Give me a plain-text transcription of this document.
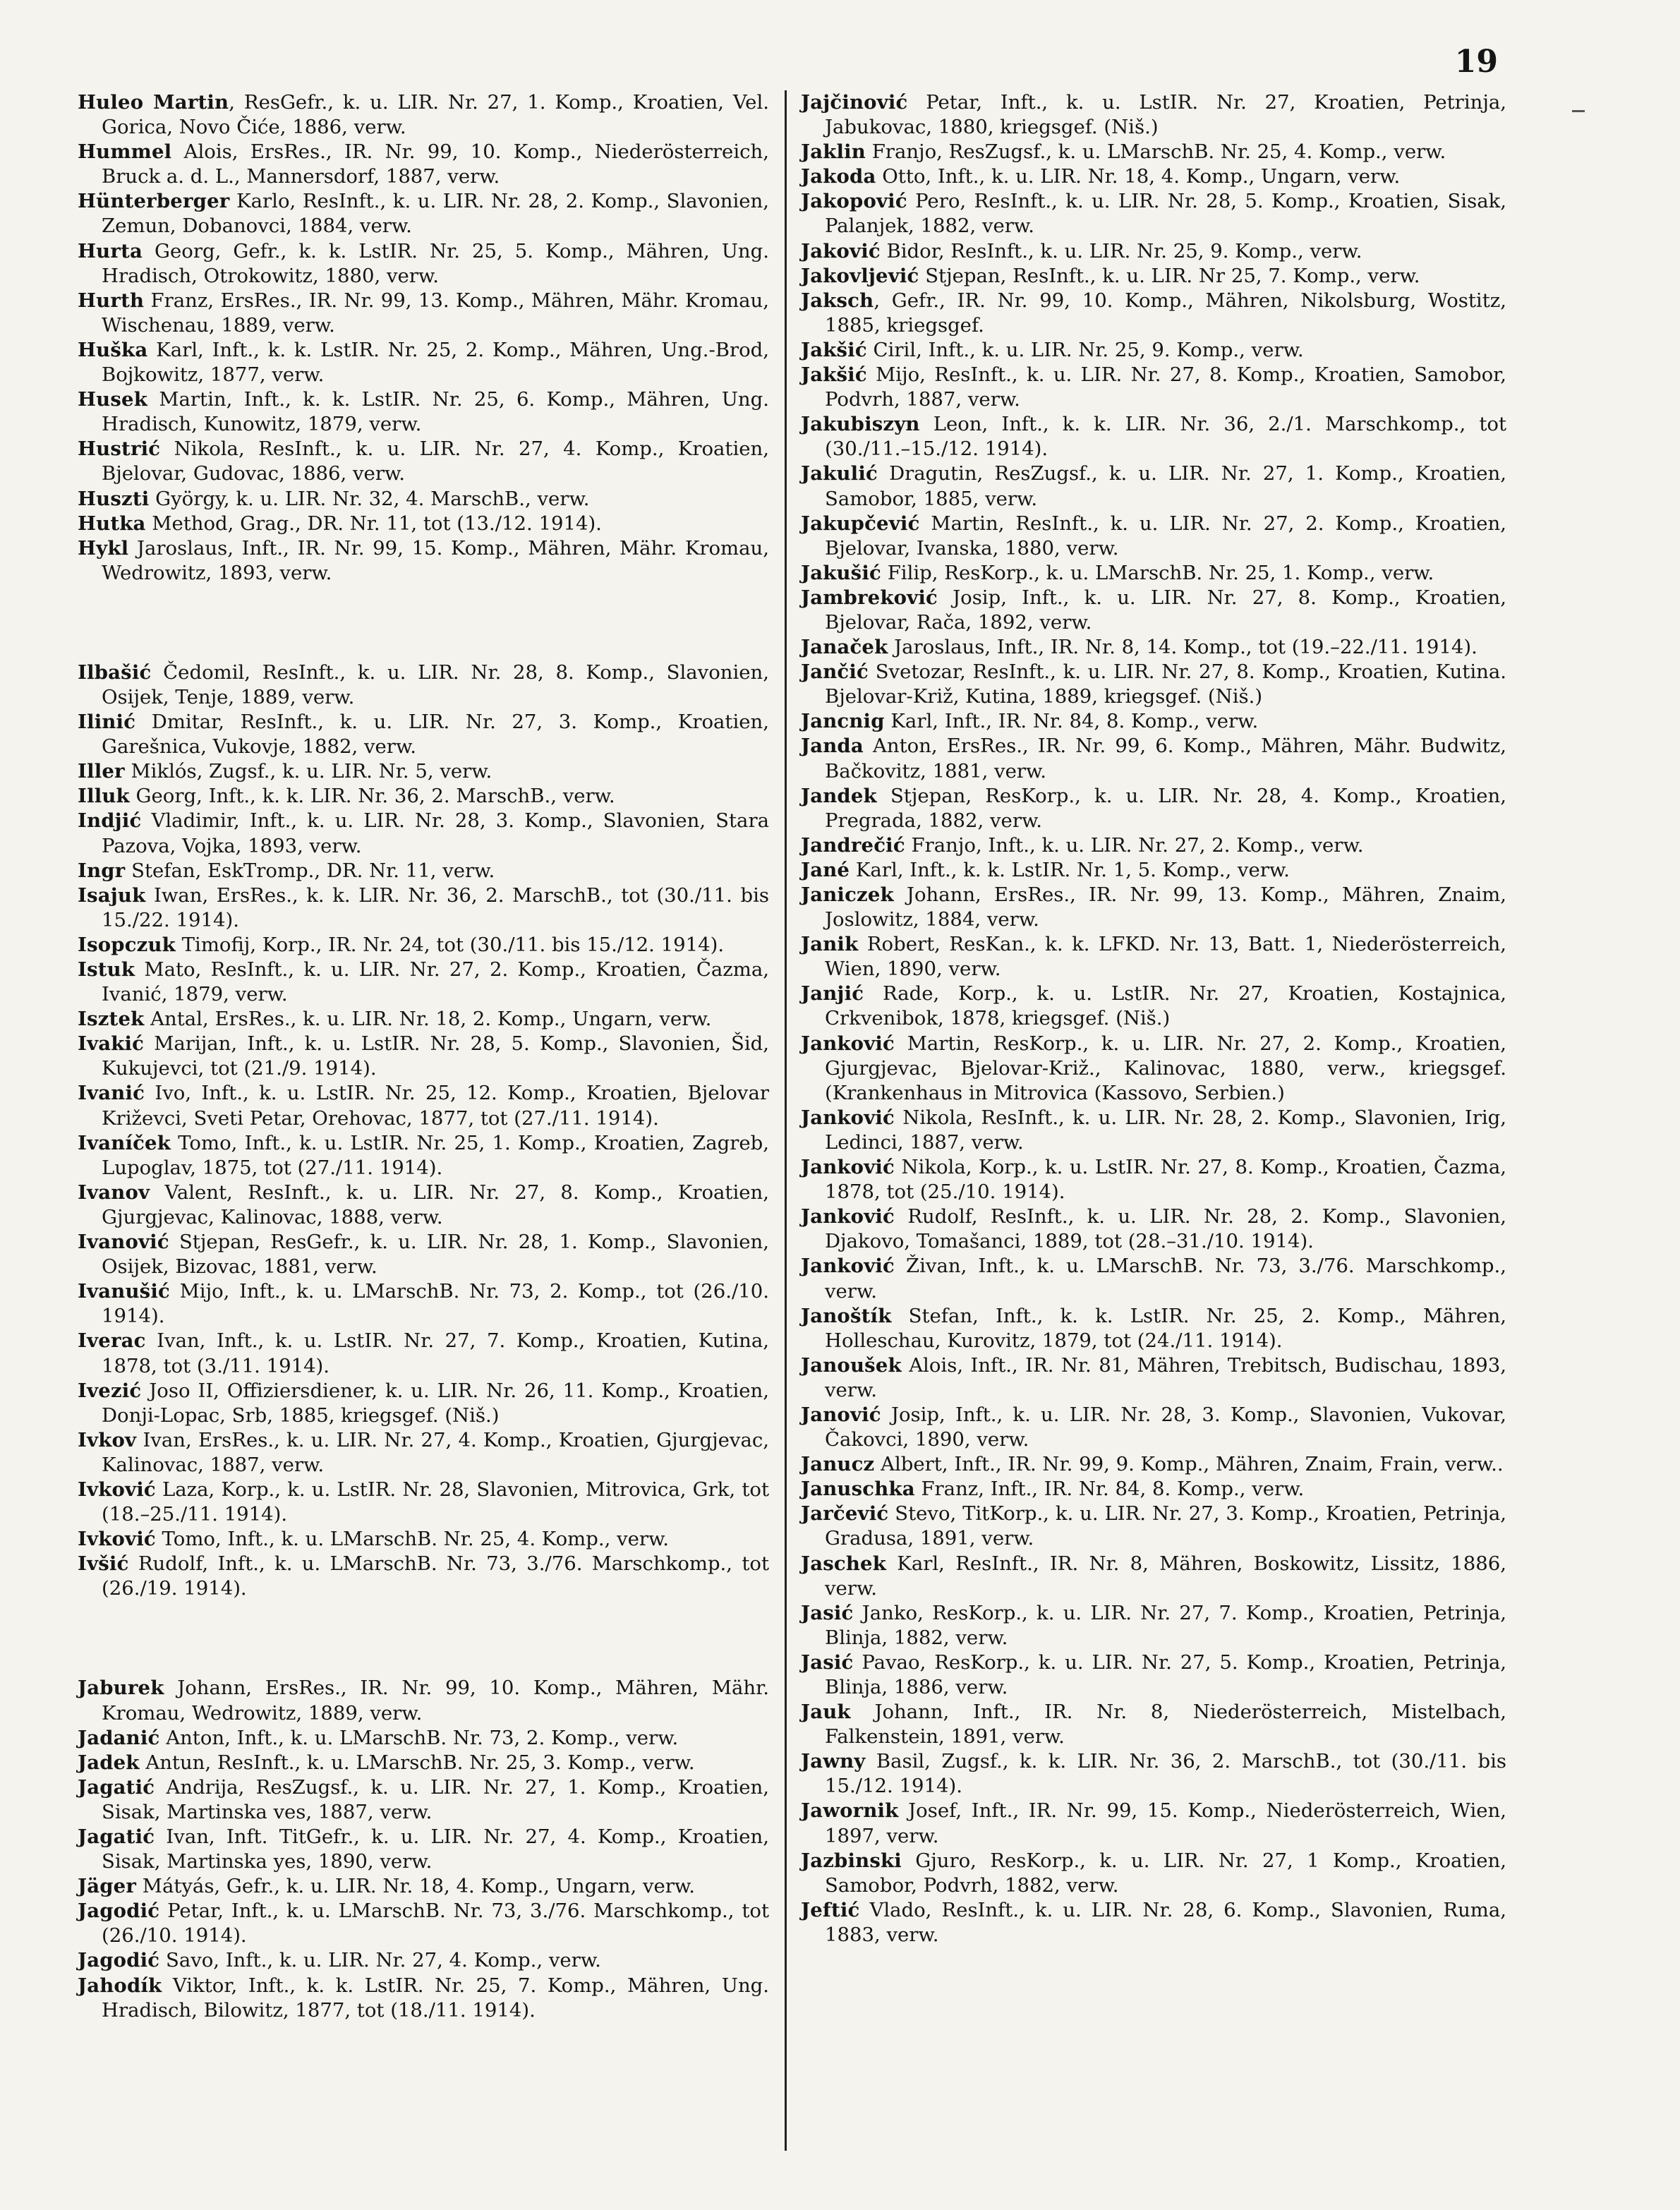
19

Huleo Martin, ResGefr., k. u. LIR. Nr. 27, 1. Komp., Kroatien, Vel. Gorica, Novo Čiće, 1886, verw.

Hummel Alois, ErsRes., IR. Nr. 99, 10. Komp., Niederösterreich, Bruck a. d. L., Mannersdorf, 1887, verw.

Hünterberger Karlo, ResInft., k. u. LIR. Nr. 28, 2. Komp., Slavonien, Zemun, Dobanovci, 1884, verw.

Hurta Georg, Gefr., k. k. LstIR. Nr. 25, 5. Komp., Mähren, Ung. Hradisch, Otrokowitz, 1880, verw.

Hurth Franz, ErsRes., IR. Nr. 99, 13. Komp., Mähren, Mähr. Kromau, Wischenau, 1889, verw.

Huška Karl, Inft., k. k. LstIR. Nr. 25, 2. Komp., Mähren, Ung.-Brod, Bojkowitz, 1877, verw.

Husek Martin, Inft., k. k. LstIR. Nr. 25, 6. Komp., Mähren, Ung. Hradisch, Kunowitz, 1879, verw.

Hustrić Nikola, ResInft., k. u. LIR. Nr. 27, 4. Komp., Kroatien, Bjelovar, Gudovac, 1886, verw.

Huszti György, k. u. LIR. Nr. 32, 4. MarschB., verw.

Hutka Method, Grag., DR. Nr. 11, tot (13./12. 1914).

Hykl Jaroslaus, Inft., IR. Nr. 99, 15. Komp., Mähren, Mähr. Kromau, Wedrowitz, 1893, verw.

Ilbašić Čedomil, ResInft., k. u. LIR. Nr. 28, 8. Komp., Slavonien, Osijek, Tenje, 1889, verw.

Ilinić Dmitar, ResInft., k. u. LIR. Nr. 27, 3. Komp., Kroatien, Garešnica, Vukovje, 1882, verw.

Iller Miklós, Zugsf., k. u. LIR. Nr. 5, verw.

Illuk Georg, Inft., k. k. LIR. Nr. 36, 2. MarschB., verw.

Indjić Vladimir, Inft., k. u. LIR. Nr. 28, 3. Komp., Slavonien, Stara Pazova, Vojka, 1893, verw.

Ingr Stefan, EskTromp., DR. Nr. 11, verw.

Isajuk Iwan, ErsRes., k. k. LIR. Nr. 36, 2. MarschB., tot (30./11. bis 15./22. 1914).

Isopczuk Timofij, Korp., IR. Nr. 24, tot (30./11. bis 15./12. 1914).

Istuk Mato, ResInft., k. u. LIR. Nr. 27, 2. Komp., Kroatien, Čazma, Ivanić, 1879, verw.

Isztek Antal, ErsRes., k. u. LIR. Nr. 18, 2. Komp., Ungarn, verw.

Ivakić Marijan, Inft., k. u. LstIR. Nr. 28, 5. Komp., Slavonien, Šid, Kukujevci, tot (21./9. 1914).

Ivanić Ivo, Inft., k. u. LstIR. Nr. 25, 12. Komp., Kroatien, Bjelovar Križevci, Sveti Petar, Orehovac, 1877, tot (27./11. 1914).

Ivaníček Tomo, Inft., k. u. LstIR. Nr. 25, 1. Komp., Kroatien, Zagreb, Lupoglav, 1875, tot (27./11. 1914).

Ivanov Valent, ResInft., k. u. LIR. Nr. 27, 8. Komp., Kroatien, Gjurgjevac, Kalinovac, 1888, verw.

Ivanović Stjepan, ResGefr., k. u. LIR. Nr. 28, 1. Komp., Slavonien, Osijek, Bizovac, 1881, verw.

Ivanušić Mijo, Inft., k. u. LMarschB. Nr. 73, 2. Komp., tot (26./10. 1914).

Iverac Ivan, Inft., k. u. LstIR. Nr. 27, 7. Komp., Kroatien, Kutina, 1878, tot (3./11. 1914).

Ivezić Joso II, Offiziersdiener, k. u. LIR. Nr. 26, 11. Komp., Kroatien, Donji-Lopac, Srb, 1885, kriegsgef. (Niš.)

Ivkov Ivan, ErsRes., k. u. LIR. Nr. 27, 4. Komp., Kroatien, Gjurgjevac, Kalinovac, 1887, verw.

Ivković Laza, Korp., k. u. LstIR. Nr. 28, Slavonien, Mitrovica, Grk, tot (18.–25./11. 1914).

Ivković Tomo, Inft., k. u. LMarschB. Nr. 25, 4. Komp., verw.

Ivšić Rudolf, Inft., k. u. LMarschB. Nr. 73, 3./76. Marschkomp., tot (26./19. 1914).

Jaburek Johann, ErsRes., IR. Nr. 99, 10. Komp., Mähren, Mähr. Kromau, Wedrowitz, 1889, verw.

Jadanić Anton, Inft., k. u. LMarschB. Nr. 73, 2. Komp., verw.

Jadek Antun, ResInft., k. u. LMarschB. Nr. 25, 3. Komp., verw.

Jagatić Andrija, ResZugsf., k. u. LIR. Nr. 27, 1. Komp., Kroatien, Sisak, Martinska ves, 1887, verw.

Jagatić Ivan, Inft. TitGefr., k. u. LIR. Nr. 27, 4. Komp., Kroatien, Sisak, Martinska yes, 1890, verw.

Jäger Mátyás, Gefr., k. u. LIR. Nr. 18, 4. Komp., Ungarn, verw.

Jagodić Petar, Inft., k. u. LMarschB. Nr. 73, 3./76. Marschkomp., tot (26./10. 1914).

Jagodić Savo, Inft., k. u. LIR. Nr. 27, 4. Komp., verw.

Jahodík Viktor, Inft., k. k. LstIR. Nr. 25, 7. Komp., Mähren, Ung. Hradisch, Bilowitz, 1877, tot (18./11. 1914).

Jajčinović Petar, Inft., k. u. LstIR. Nr. 27, Kroatien, Petrinja, Jabukovac, 1880, kriegsgef. (Niš.)

Jaklin Franjo, ResZugsf., k. u. LMarschB. Nr. 25, 4. Komp., verw.

Jakoda Otto, Inft., k. u. LIR. Nr. 18, 4. Komp., Ungarn, verw.

Jakopović Pero, ResInft., k. u. LIR. Nr. 28, 5. Komp., Kroatien, Sisak, Palanjek, 1882, verw.

Jaković Bidor, ResInft., k. u. LIR. Nr. 25, 9. Komp., verw.

Jakovljević Stjepan, ResInft., k. u. LIR. Nr 25, 7. Komp., verw.

Jaksch, Gefr., IR. Nr. 99, 10. Komp., Mähren, Nikolsburg, Wostitz, 1885, kriegsgef.

Jakšić Ciril, Inft., k. u. LIR. Nr. 25, 9. Komp., verw.

Jakšić Mijo, ResInft., k. u. LIR. Nr. 27, 8. Komp., Kroatien, Samobor, Podvrh, 1887, verw.

Jakubiszyn Leon, Inft., k. k. LIR. Nr. 36, 2./1. Marschkomp., tot (30./11.–15./12. 1914).

Jakulić Dragutin, ResZugsf., k. u. LIR. Nr. 27, 1. Komp., Kroatien, Samobor, 1885, verw.

Jakupčević Martin, ResInft., k. u. LIR. Nr. 27, 2. Komp., Kroatien, Bjelovar, Ivanska, 1880, verw.

Jakušić Filip, ResKorp., k. u. LMarschB. Nr. 25, 1. Komp., verw.

Jambreković Josip, Inft., k. u. LIR. Nr. 27, 8. Komp., Kroatien, Bjelovar, Rača, 1892, verw.

Janaček Jaroslaus, Inft., IR. Nr. 8, 14. Komp., tot (19.–22./11. 1914).

Jančić Svetozar, ResInft., k. u. LIR. Nr. 27, 8. Komp., Kroatien, Kutina. Bjelovar-Križ, Kutina, 1889, kriegsgef. (Niš.)

Jancnig Karl, Inft., IR. Nr. 84, 8. Komp., verw.

Janda Anton, ErsRes., IR. Nr. 99, 6. Komp., Mähren, Mähr. Budwitz, Bačkovitz, 1881, verw.

Jandek Stjepan, ResKorp., k. u. LIR. Nr. 28, 4. Komp., Kroatien, Pregrada, 1882, verw.

Jandrečić Franjo, Inft., k. u. LIR. Nr. 27, 2. Komp., verw.

Jané Karl, Inft., k. k. LstIR. Nr. 1, 5. Komp., verw.

Janiczek Johann, ErsRes., IR. Nr. 99, 13. Komp., Mähren, Znaim, Joslowitz, 1884, verw.

Janik Robert, ResKan., k. k. LFKD. Nr. 13, Batt. 1, Niederösterreich, Wien, 1890, verw.

Janjić Rade, Korp., k. u. LstIR. Nr. 27, Kroatien, Kostajnica, Crkvenibok, 1878, kriegsgef. (Niš.)

Janković Martin, ResKorp., k. u. LIR. Nr. 27, 2. Komp., Kroatien, Gjurgjevac, Bjelovar-Križ., Kalinovac, 1880, verw., kriegsgef. (Krankenhaus in Mitrovica (Kassovo, Serbien.)

Janković Nikola, ResInft., k. u. LIR. Nr. 28, 2. Komp., Slavonien, Irig, Ledinci, 1887, verw.

Janković Nikola, Korp., k. u. LstIR. Nr. 27, 8. Komp., Kroatien, Čazma, 1878, tot (25./10. 1914).

Janković Rudolf, ResInft., k. u. LIR. Nr. 28, 2. Komp., Slavonien, Djakovo, Tomašanci, 1889, tot (28.–31./10. 1914).

Janković Živan, Inft., k. u. LMarschB. Nr. 73, 3./76. Marschkomp., verw.

Janoštík Stefan, Inft., k. k. LstIR. Nr. 25, 2. Komp., Mähren, Holleschau, Kurovitz, 1879, tot (24./11. 1914).

Janoušek Alois, Inft., IR. Nr. 81, Mähren, Trebitsch, Budischau, 1893, verw.

Janović Josip, Inft., k. u. LIR. Nr. 28, 3. Komp., Slavonien, Vukovar, Čakovci, 1890, verw.

Janucz Albert, Inft., IR. Nr. 99, 9. Komp., Mähren, Znaim, Frain, verw..

Januschka Franz, Inft., IR. Nr. 84, 8. Komp., verw.

Jarčević Stevo, TitKorp., k. u. LIR. Nr. 27, 3. Komp., Kroatien, Petrinja, Gradusa, 1891, verw.

Jaschek Karl, ResInft., IR. Nr. 8, Mähren, Boskowitz, Lissitz, 1886, verw.

Jasić Janko, ResKorp., k. u. LIR. Nr. 27, 7. Komp., Kroatien, Petrinja, Blinja, 1882, verw.

Jasić Pavao, ResKorp., k. u. LIR. Nr. 27, 5. Komp., Kroatien, Petrinja, Blinja, 1886, verw.

Jauk Johann, Inft., IR. Nr. 8, Niederösterreich, Mistelbach, Falkenstein, 1891, verw.

Jawny Basil, Zugsf., k. k. LIR. Nr. 36, 2. MarschB., tot (30./11. bis 15./12. 1914).

Jawornik Josef, Inft., IR. Nr. 99, 15. Komp., Niederösterreich, Wien, 1897, verw.

Jazbinski Gjuro, ResKorp., k. u. LIR. Nr. 27, 1 Komp., Kroatien, Samobor, Podvrh, 1882, verw.

Jeftić Vlado, ResInft., k. u. LIR. Nr. 28, 6. Komp., Slavonien, Ruma, 1883, verw.
